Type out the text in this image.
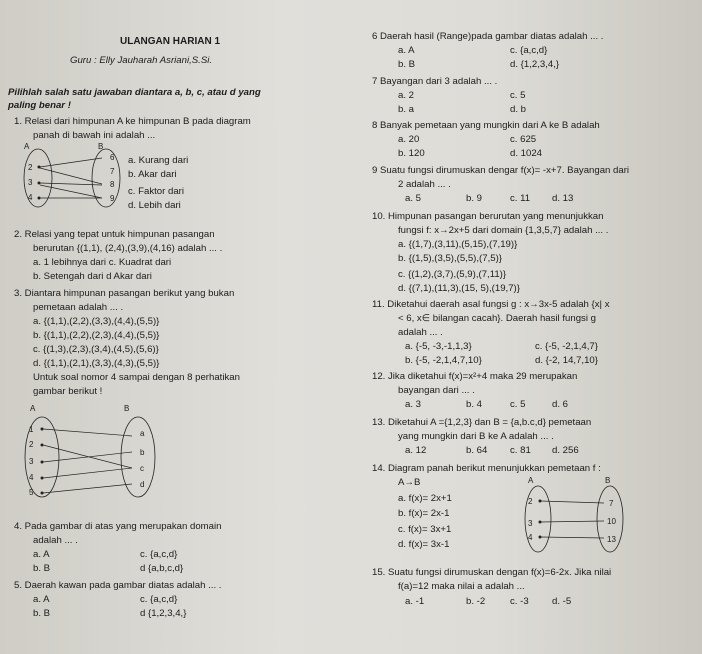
ULANGAN HARIAN 1
Guru : Elly Jauharah Asriani,S.Si.
Pilihlah salah satu jawaban diantara a, b, c, atau d yang
paling benar !
1. Relasi dari himpunan A ke himpunan B pada diagram
panah di bawah ini adalah ...
A	B
2
3
4
6
7
8
9
a. Kurang dari
b. Akar dari
c. Faktor dari
d. Lebih dari
2. Relasi yang tepat untuk himpunan pasangan
berurutan {(1,1), (2,4),(3,9),(4,16) adalah ... .
a. 1 lebihnya dari c. Kuadrat dari
b. Setengah dari d Akar dari
3. Diantara himpunan pasangan berikut yang bukan
pemetaan adalah ... .
a. {(1,1),(2,2),(3,3),(4,4),(5,5)}
b. {(1,1),(2,2),(2,3),(4,4),(5,5)}
c. {(1,3),(2,3),(3,4),(4,5),(5,6)}
d. {(1,1),(2,1),(3,3),(4,3),(5,5)}
Untuk soal nomor 4 sampai dengan 8 perhatikan
gambar berikut !
A	B
1
2
3
4
5
a
b
c
d
4. Pada gambar di atas yang merupakan domain
adalah ... .
a. A	c. {a,c,d}
b. B	d {a,b,c,d}
5. Daerah kawan pada gambar diatas adalah ... .
a. A	c. {a,c,d}
b. B	d {1,2,3,4,}
6 Daerah hasil (Range)pada gambar diatas adalah ... .
a. A	c. {a,c,d}
b. B	d. {1,2,3,4,}
7 Bayangan dari 3 adalah ... .
a. 2	c. 5
b. a	d. b
8 Banyak pemetaan yang mungkin dari A ke B adalah
a. 20	c. 625
b. 120	d. 1024
9 Suatu fungsi dirumuskan dengar f(x)= -x+7. Bayangan dari
2 adalah ... .
a. 5	b. 9	c. 11 d. 13
10. Himpunan pasangan berurutan yang menunjukkan
fungsi f: x→2x+5 dari domain {1,3,5,7} adalah ... .
a. {(1,7),(3,11),(5,15),(7,19)}
b. {(1,5),(3,5),(5,5),(7,5)}
c. {(1,2),(3,7),(5,9),(7,11)}
d. {(7,1),(11,3),(15, 5),(19,7)}
11. Diketahui daerah asal fungsi g : x→3x-5 adalah {x| x
< 6, x∈ bilangan cacah}. Daerah hasil fungsi g
adalah ... .
a. {-5, -3,-1,1,3}	c. {-5, -2,1,4,7}
b. {-5, -2,1,4,7,10}	d. {-2, 14,7,10}
12. Jika diketahui f(x)=x²+4 maka 29 merupakan
bayangan dari ... .
a. 3	b. 4	c. 5	d. 6
13. Diketahui A ={1,2,3} dan B = {a,b.c,d} pemetaan
yang mungkin dari B ke A adalah ... .
a. 12	b. 64 c. 81 d. 256
14. Diagram panah berikut menunjukkan pemetaan f :
A→B
a. f(x)= 2x+1
b. f(x)= 2x-1
c. f(x)= 3x+1
d. f(x)= 3x-1
A	B
2
3
4
7
10
13
15. Suatu fungsi dirumuskan dengan f(x)=6-2x. Jika nilai
f(a)=12 maka nilai a adalah ...
a. -1	b. -2	c. -3 d. -5
